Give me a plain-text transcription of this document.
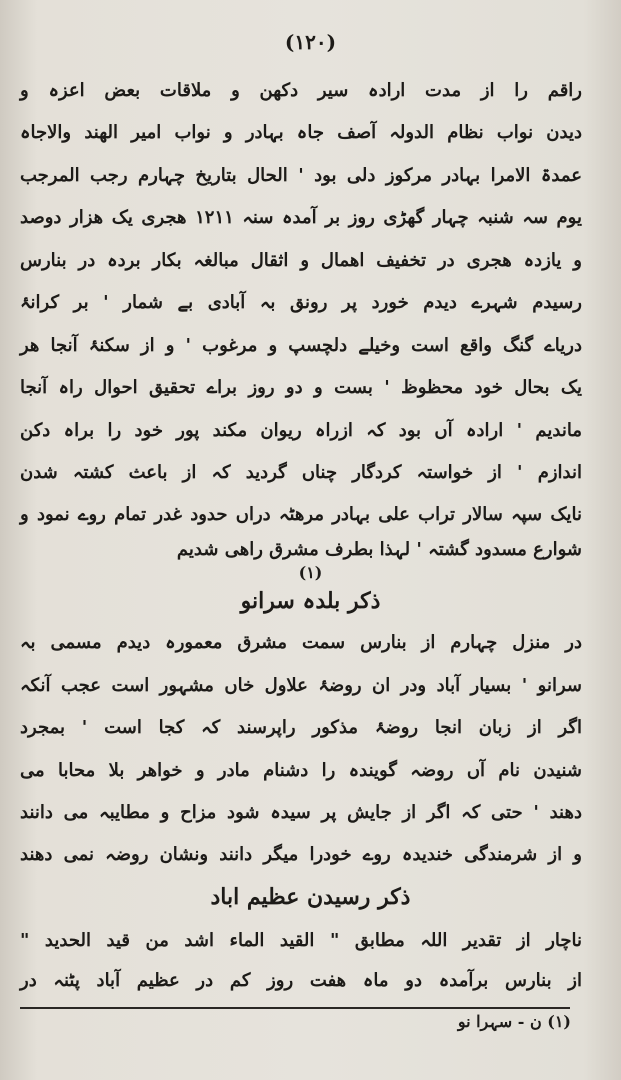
(۱۲۰)
راقم را از مدت ارادہ سیر دکھن و ملاقات بعض اعزہ و
دیدن نواب نظام الدولہ آصف جاہ بہادر و نواب امیر الھند والاجاہ
عمدۃ الامرا بہادر مرکوز دلی بود ' الحال بتاریخ چہارم رجب المرجب
یوم سہ شنبہ چہار گھڑی روز بر آمدہ سنہ ۱۲۱۱ ھجری یک ھزار دوصد
و یازدہ ھجری در تخفیف اھمال و اثقال مبالغہ بکار بردہ در بنارس
رسیدم شہرے دیدم خورد پر رونق بہ آبادی بے شمار ' بر کرانۂ
دریاے گنگ واقع است وخیلے دلچسپ و مرغوب ' و از سکنۂ آنجا ھر
یک بحال خود محظوظ ' بست و دو روز براے تحقیق احوال راہ آنجا
ماندیم ' ارادہ آں بود کہ ازراہ ریوان مکند پور خود را براہ دکن
اندازم ' از خواستہ کردگار چناں گردید کہ از باعث کشتہ شدن
نایک سپہ سالار تراب علی بہادر مرھٹہ دراں حدود غدر تمام روے نمود و
شوارع مسدود گشتہ ' لہذا بطرف مشرق راھی شدیم
(۱)
ذکر بلدہ سرانو
در منزل چہارم از بنارس سمت مشرق معمورہ دیدم مسمی بہ
سرانو ' بسیار آباد ودر ان روضۂ علاول خاں مشہور است عجب آنکہ
اگر از زبان انجا روضۂ مذکور راپرسند کہ کجا است ' بمجرد
شنیدن نام آں روضہ گویندہ را دشنام مادر و خواھر بلا محابا می
دھند ' حتی کہ اگر از جایش پر سیدہ شود مزاح و مطایبہ می دانند
و از شرمندگی خندیدہ روے خودرا میگر دانند ونشان روضہ نمی دھند
ذکر رسیدن عظیم اباد
ناچار از تقدیر اللہ مطابق " القید الماء اشد من قید الحدید "
از بنارس برآمدہ دو ماہ ھفت روز کم در عظیم آباد پٹنہ در
(۱) ن - سہرا نو
